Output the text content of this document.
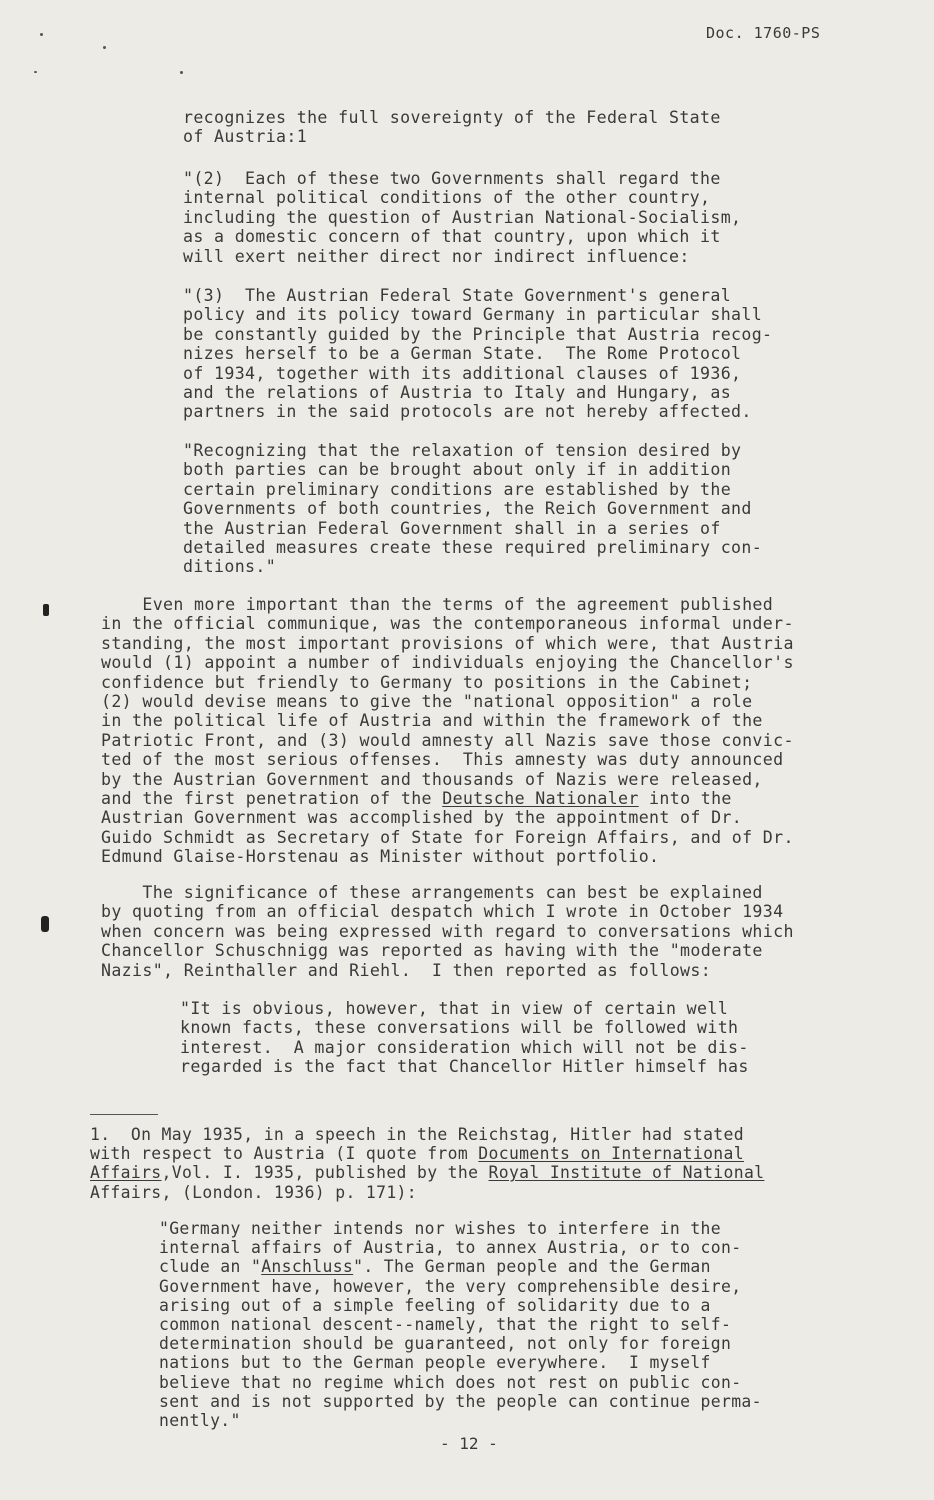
Doc. 1760-PS
recognizes the full sovereignty of the Federal State
of Austria:1
"(2)  Each of these two Governments shall regard the
internal political conditions of the other country,
including the question of Austrian National-Socialism,
as a domestic concern of that country, upon which it
will exert neither direct nor indirect influence:
"(3)  The Austrian Federal State Government's general
policy and its policy toward Germany in particular shall
be constantly guided by the Principle that Austria recog-
nizes herself to be a German State.  The Rome Protocol
of 1934, together with its additional clauses of 1936,
and the relations of Austria to Italy and Hungary, as
partners in the said protocols are not hereby affected.
"Recognizing that the relaxation of tension desired by
both parties can be brought about only if in addition
certain preliminary conditions are established by the
Governments of both countries, the Reich Government and
the Austrian Federal Government shall in a series of
detailed measures create these required preliminary con-
ditions."
Even more important than the terms of the agreement published
in the official communique, was the contemporaneous informal under-
standing, the most important provisions of which were, that Austria
would (1) appoint a number of individuals enjoying the Chancellor's
confidence but friendly to Germany to positions in the Cabinet;
(2) would devise means to give the "national opposition" a role
in the political life of Austria and within the framework of the
Patriotic Front, and (3) would amnesty all Nazis save those convic-
ted of the most serious offenses.  This amnesty was duty announced
by the Austrian Government and thousands of Nazis were released,
and the first penetration of the Deutsche Nationaler into the
Austrian Government was accomplished by the appointment of Dr.
Guido Schmidt as Secretary of State for Foreign Affairs, and of Dr.
Edmund Glaise-Horstenau as Minister without portfolio.
The significance of these arrangements can best be explained
by quoting from an official despatch which I wrote in October 1934
when concern was being expressed with regard to conversations which
Chancellor Schuschnigg was reported as having with the "moderate
Nazis", Reinthaller and Riehl.  I then reported as follows:
"It is obvious, however, that in view of certain well
known facts, these conversations will be followed with
interest.  A major consideration which will not be dis-
regarded is the fact that Chancellor Hitler himself has
1.  On May 1935, in a speech in the Reichstag, Hitler had stated
with respect to Austria (I quote from Documents on International
Affairs,Vol. I. 1935, published by the Royal Institute of National
Affairs, (London. 1936) p. 171):
"Germany neither intends nor wishes to interfere in the
internal affairs of Austria, to annex Austria, or to con-
clude an "Anschluss". The German people and the German
Government have, however, the very comprehensible desire,
arising out of a simple feeling of solidarity due to a
common national descent--namely, that the right to self-
determination should be guaranteed, not only for foreign
nations but to the German people everywhere.  I myself
believe that no regime which does not rest on public con-
sent and is not supported by the people can continue perma-
nently."
- 12 -
